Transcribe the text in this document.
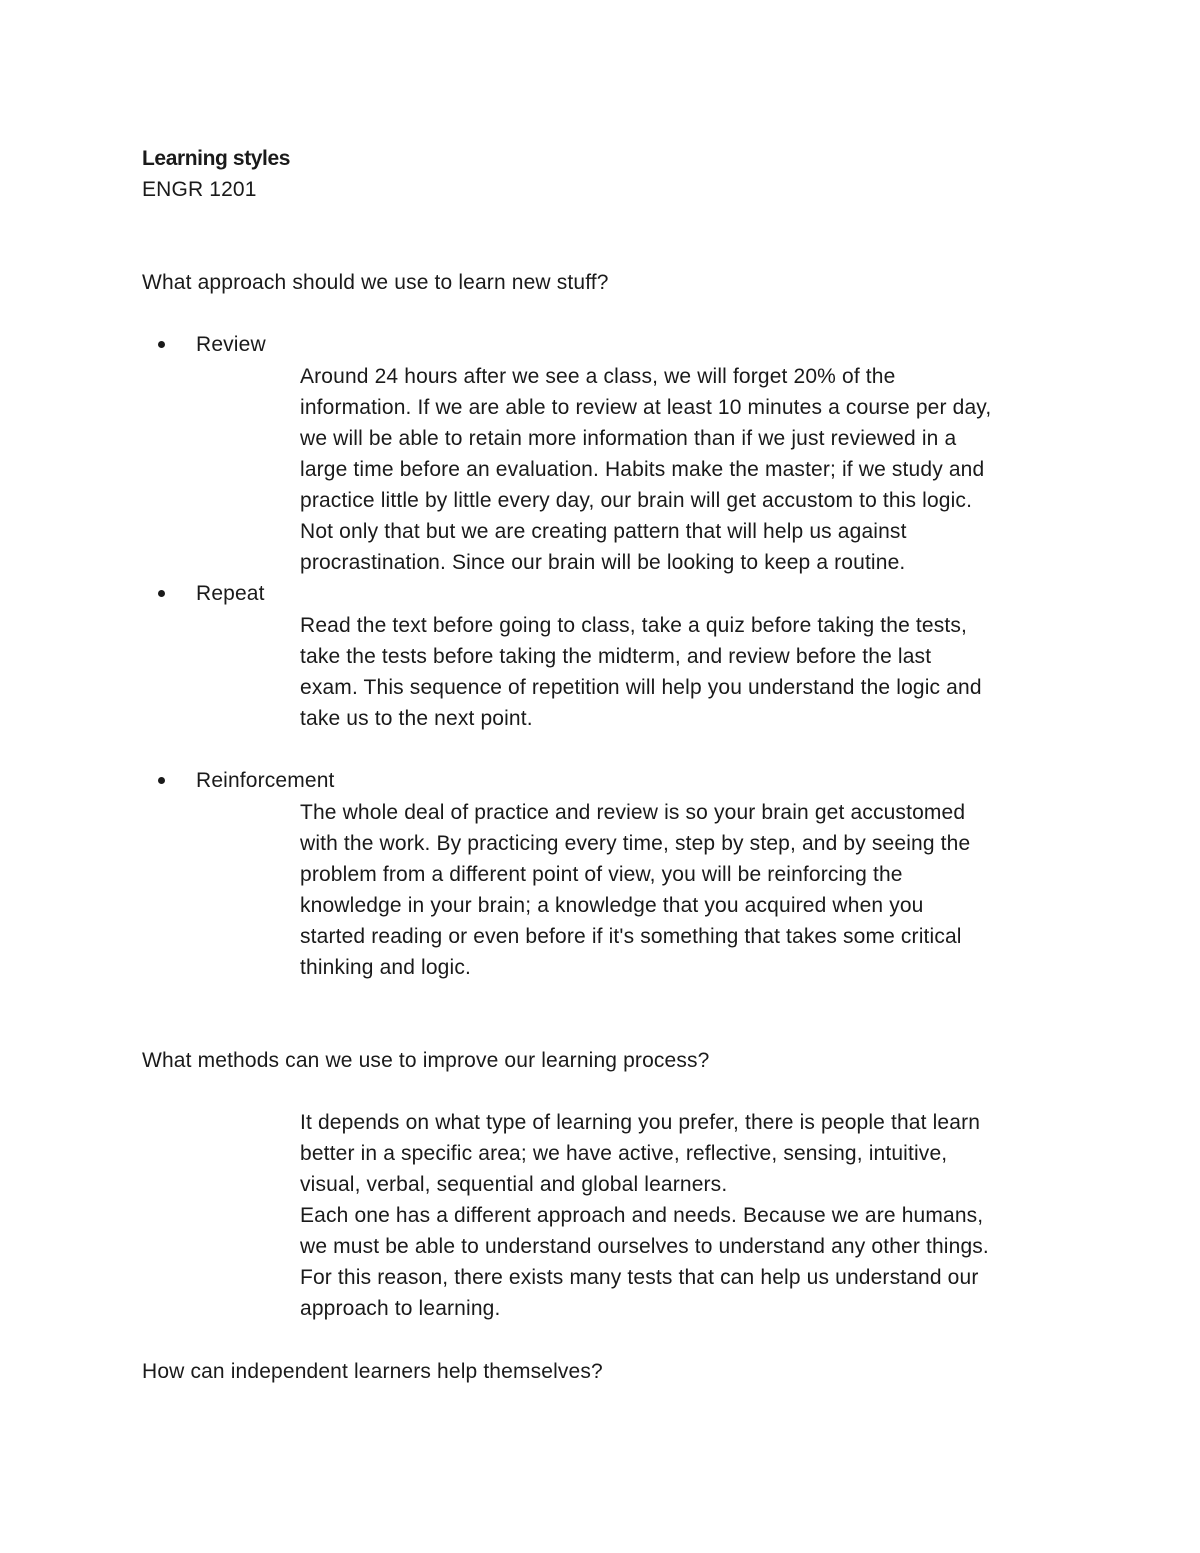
Learning styles
ENGR 1201
What approach should we use to learn new stuff?
Review
Around 24 hours after we see a class, we will forget 20% of the
information. If we are able to review at least 10 minutes a course per day,
we will be able to retain more information than if we just reviewed in a
large time before an evaluation. Habits make the master; if we study and
practice little by little every day, our brain will get accustom to this logic.
Not only that but we are creating pattern that will help us against
procrastination. Since our brain will be looking to keep a routine.
Repeat
Read the text before going to class, take a quiz before taking the tests,
take the tests before taking the midterm, and review before the last
exam. This sequence of repetition will help you understand the logic and
take us to the next point.
Reinforcement
The whole deal of practice and review is so your brain get accustomed
with the work. By practicing every time, step by step, and by seeing the
problem from a different point of view, you will be reinforcing the
knowledge in your brain; a knowledge that you acquired when you
started reading or even before if it's something that takes some critical
thinking and logic.
What methods can we use to improve our learning process?
It depends on what type of learning you prefer, there is people that learn
better in a specific area; we have active, reflective, sensing, intuitive,
visual, verbal, sequential and global learners.
Each one has a different approach and needs. Because we are humans,
we must be able to understand ourselves to understand any other things.
For this reason, there exists many tests that can help us understand our
approach to learning.
How can independent learners help themselves?
